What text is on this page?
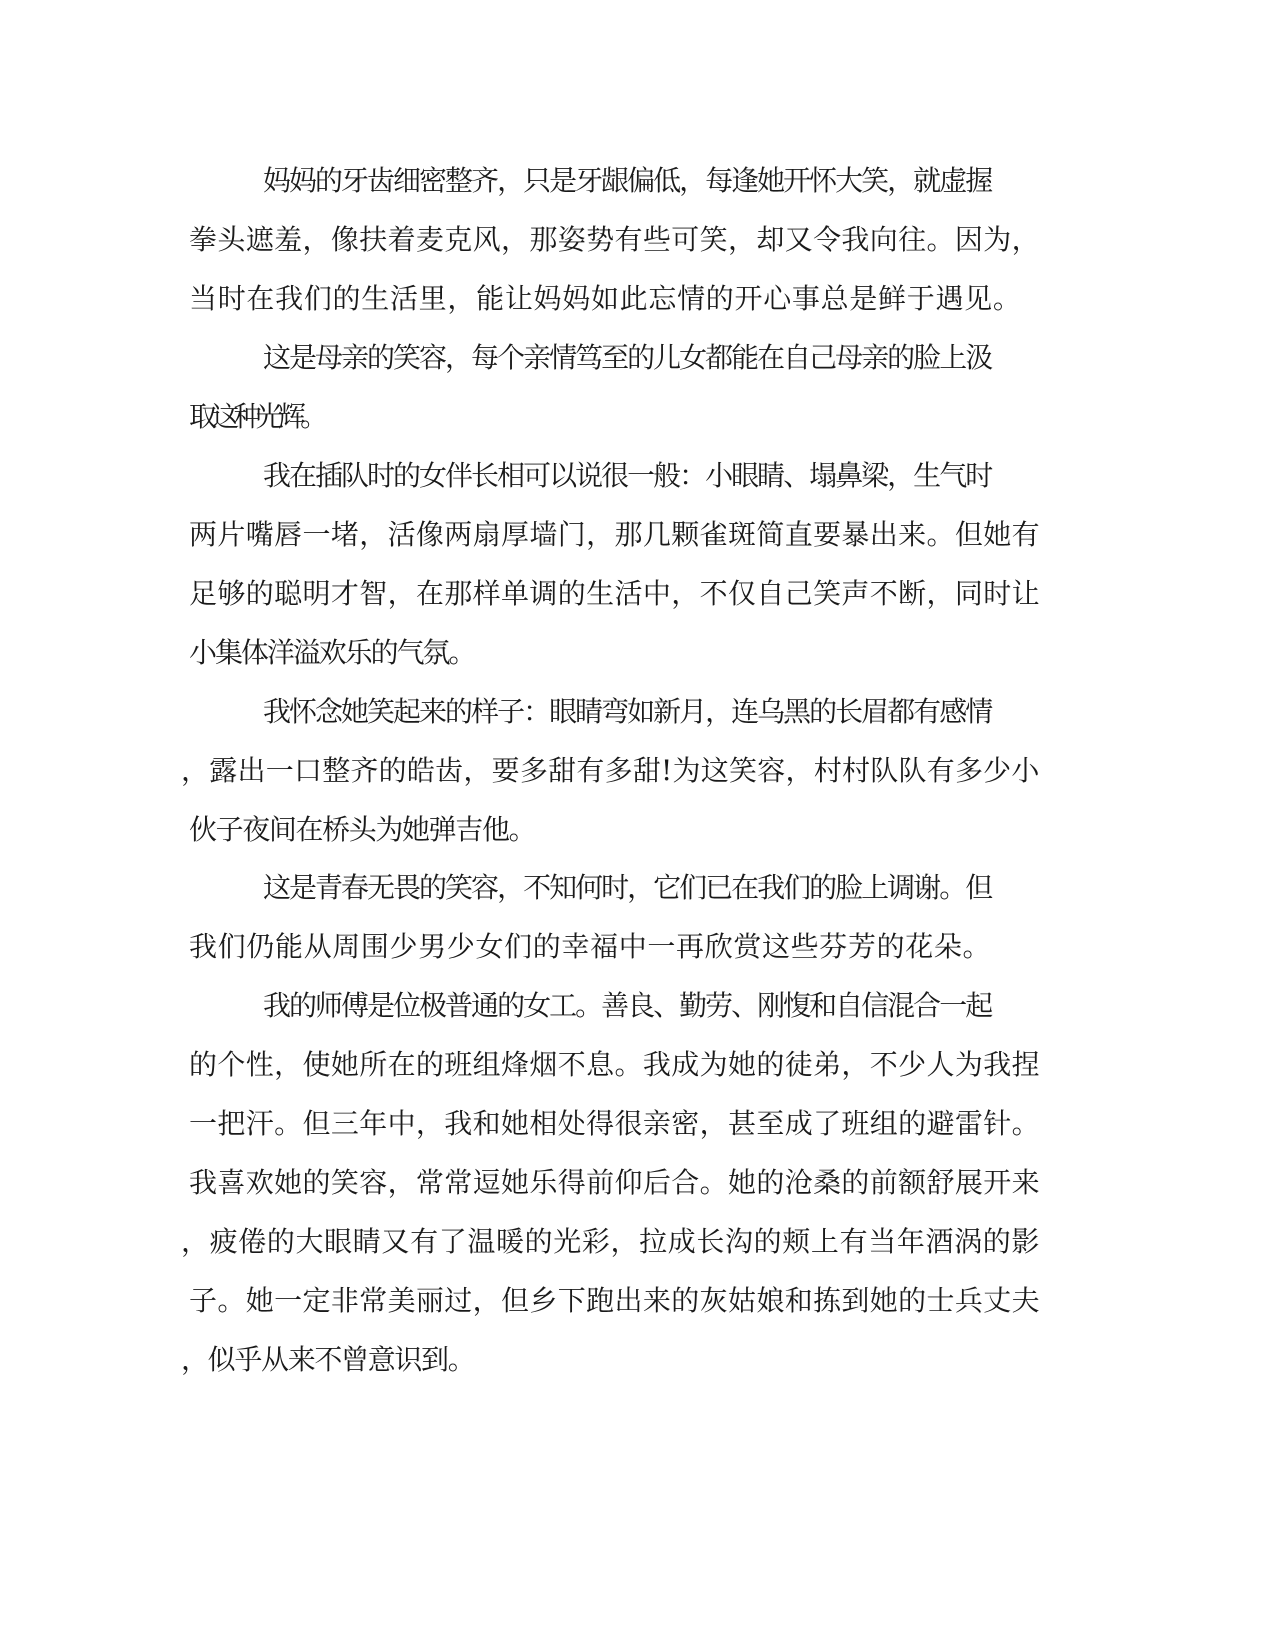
妈妈的牙齿细密整齐，只是牙龈偏低，每逢她开怀大笑，就虚握

拳头遮羞，像扶着麦克风，那姿势有些可笑，却又令我向往。因为，

当时在我们的生活里，能让妈妈如此忘情的开心事总是鲜于遇见。

这是母亲的笑容，每个亲情笃至的儿女都能在自己母亲的脸上汲

取这种光辉。

我在插队时的女伴长相可以说很一般：小眼睛、塌鼻梁，生气时

两片嘴唇一堵，活像两扇厚墙门，那几颗雀斑简直要暴出来。但她有

足够的聪明才智，在那样单调的生活中，不仅自己笑声不断，同时让

小集体洋溢欢乐的气氛。

我怀念她笑起来的样子：眼睛弯如新月，连乌黑的长眉都有感情

，露出一口整齐的皓齿，要多甜有多甜!为这笑容，村村队队有多少小

伙子夜间在桥头为她弹吉他。

这是青春无畏的笑容，不知何时，它们已在我们的脸上调谢。但

我们仍能从周围少男少女们的幸福中一再欣赏这些芬芳的花朵。

我的师傅是位极普通的女工。善良、勤劳、刚愎和自信混合一起

的个性，使她所在的班组烽烟不息。我成为她的徒弟，不少人为我捏

一把汗。但三年中，我和她相处得很亲密，甚至成了班组的避雷针。

我喜欢她的笑容，常常逗她乐得前仰后合。她的沧桑的前额舒展开来

，疲倦的大眼睛又有了温暖的光彩，拉成长沟的颊上有当年酒涡的影

子。她一定非常美丽过，但乡下跑出来的灰姑娘和拣到她的士兵丈夫

，似乎从来不曾意识到。
